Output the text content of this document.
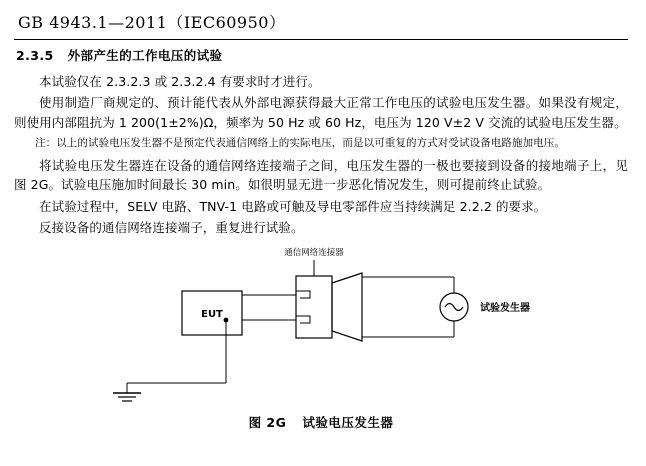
GB 4943.1—2011（IEC60950）
2.3.5 外部产生的工作电压的试验

本试验仅在 2.3.2.3 或 2.3.2.4 有要求时才进行。

使用制造厂商规定的、预计能代表从外部电源获得最大正常工作电压的试验电压发生器。如果没有规定，则使用内部阻抗为 1 200(1±2%)Ω，频率为 50 Hz 或 60 Hz，电压为 120 V±2 V 交流的试验电压发生器。

注：以上的试验电压发生器不是预定代表通信网络上的实际电压，而是以可重复的方式对受试设备电路施加电压。

将试验电压发生器连在设备的通信网络连接端子之间，电压发生器的一极也要接到设备的接地端子上，见图 2G。试验电压施加时间最长 30 min。如很明显无进一步恶化情况发生，则可提前终止试验。

在试验过程中，SELV 电路、TNV-1 电路或可触及导电零部件应当持续满足 2.2.2 的要求。

反接设备的通信网络连接端子，重复进行试验。

EUT
通信网络连接器
试验发生器
图 2G 试验电压发生器
